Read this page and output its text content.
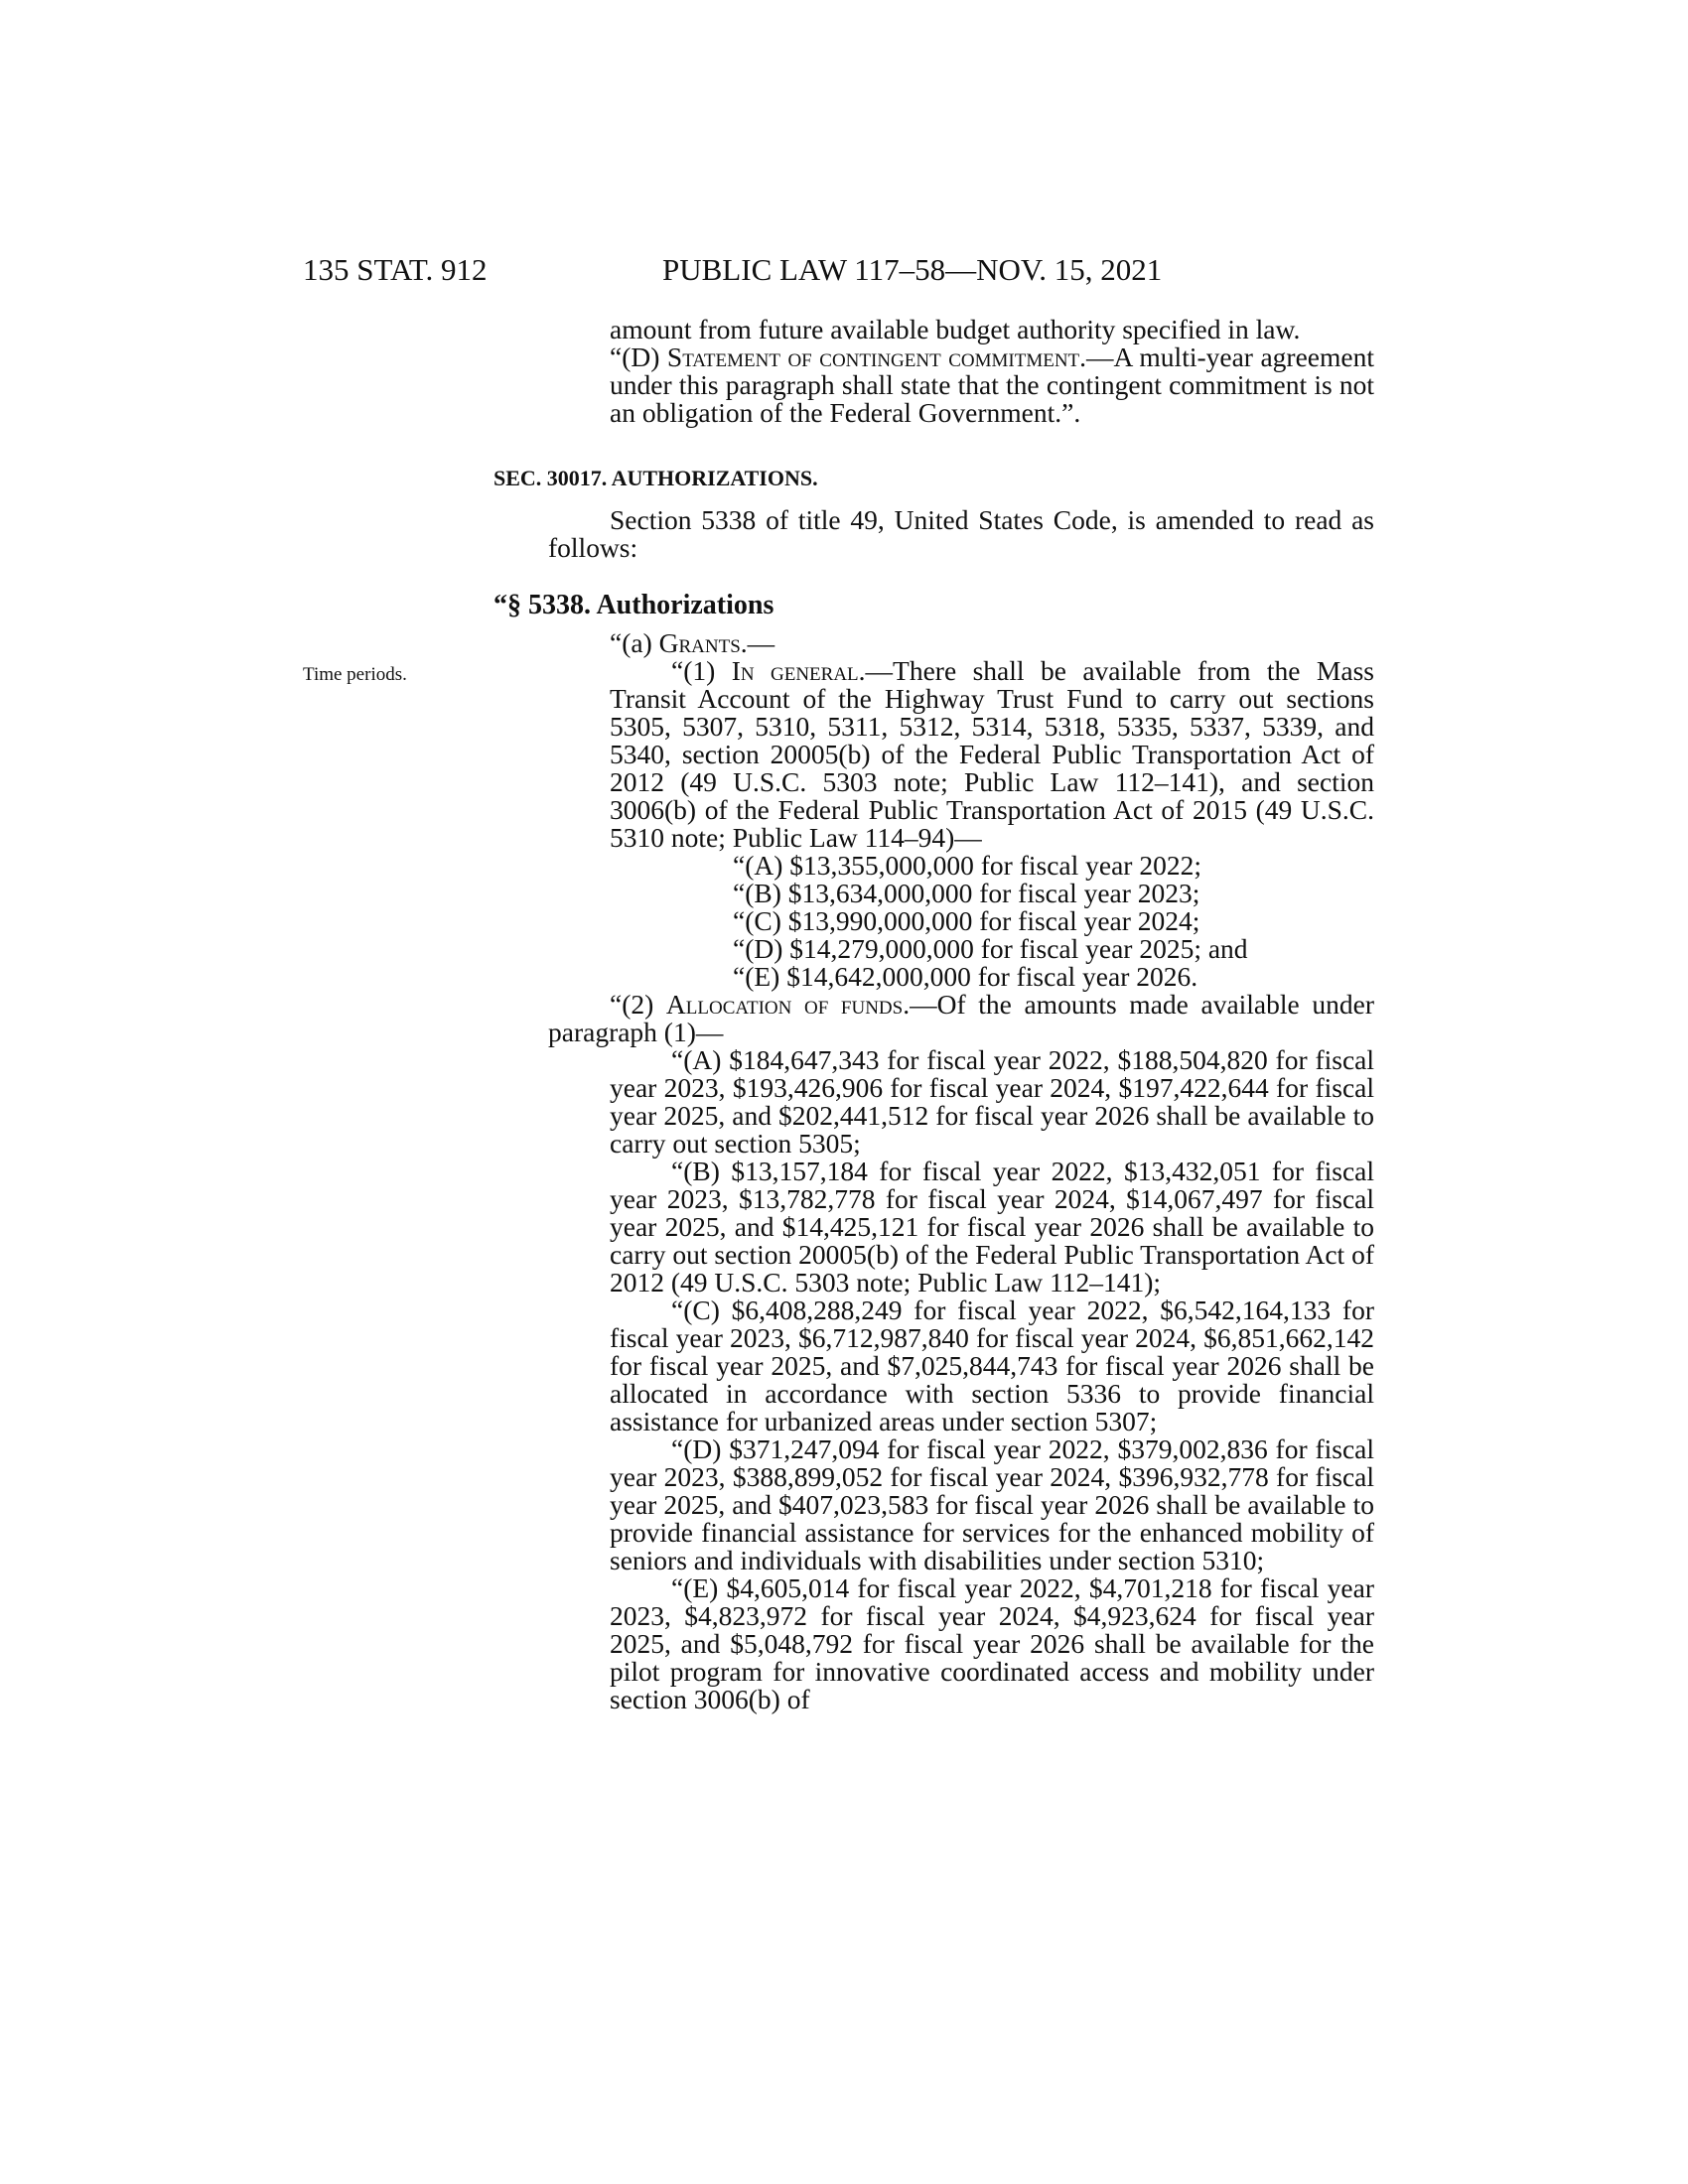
135 STAT. 912	PUBLIC LAW 117–58—NOV. 15, 2021
Time periods.

amount from future available budget authority specified in law.

“(D) Statement of contingent commitment.—A multi-year agreement under this paragraph shall state that the contingent commitment is not an obligation of the Federal Government.”.

SEC. 30017. AUTHORIZATIONS.

Section 5338 of title 49, United States Code, is amended to read as follows:

“§ 5338. Authorizations

“(a) Grants.—

“(1) In general.—There shall be available from the Mass Transit Account of the Highway Trust Fund to carry out sections 5305, 5307, 5310, 5311, 5312, 5314, 5318, 5335, 5337, 5339, and 5340, section 20005(b) of the Federal Public Transportation Act of 2012 (49 U.S.C. 5303 note; Public Law 112–141), and section 3006(b) of the Federal Public Transportation Act of 2015 (49 U.S.C. 5310 note; Public Law 114–94)—

“(A) $13,355,000,000 for fiscal year 2022;

“(B) $13,634,000,000 for fiscal year 2023;

“(C) $13,990,000,000 for fiscal year 2024;

“(D) $14,279,000,000 for fiscal year 2025; and

“(E) $14,642,000,000 for fiscal year 2026.

“(2) Allocation of funds.—Of the amounts made available under paragraph (1)—

“(A) $184,647,343 for fiscal year 2022, $188,504,820 for fiscal year 2023, $193,426,906 for fiscal year 2024, $197,422,644 for fiscal year 2025, and $202,441,512 for fiscal year 2026 shall be available to carry out section 5305;

“(B) $13,157,184 for fiscal year 2022, $13,432,051 for fiscal year 2023, $13,782,778 for fiscal year 2024, $14,067,497 for fiscal year 2025, and $14,425,121 for fiscal year 2026 shall be available to carry out section 20005(b) of the Federal Public Transportation Act of 2012 (49 U.S.C. 5303 note; Public Law 112–141);

“(C) $6,408,288,249 for fiscal year 2022, $6,542,164,133 for fiscal year 2023, $6,712,987,840 for fiscal year 2024, $6,851,662,142 for fiscal year 2025, and $7,025,844,743 for fiscal year 2026 shall be allocated in accordance with section 5336 to provide financial assistance for urbanized areas under section 5307;

“(D) $371,247,094 for fiscal year 2022, $379,002,836 for fiscal year 2023, $388,899,052 for fiscal year 2024, $396,932,778 for fiscal year 2025, and $407,023,583 for fiscal year 2026 shall be available to provide financial assistance for services for the enhanced mobility of seniors and individuals with disabilities under section 5310;

“(E) $4,605,014 for fiscal year 2022, $4,701,218 for fiscal year 2023, $4,823,972 for fiscal year 2024, $4,923,624 for fiscal year 2025, and $5,048,792 for fiscal year 2026 shall be available for the pilot program for innovative coordinated access and mobility under section 3006(b) of
